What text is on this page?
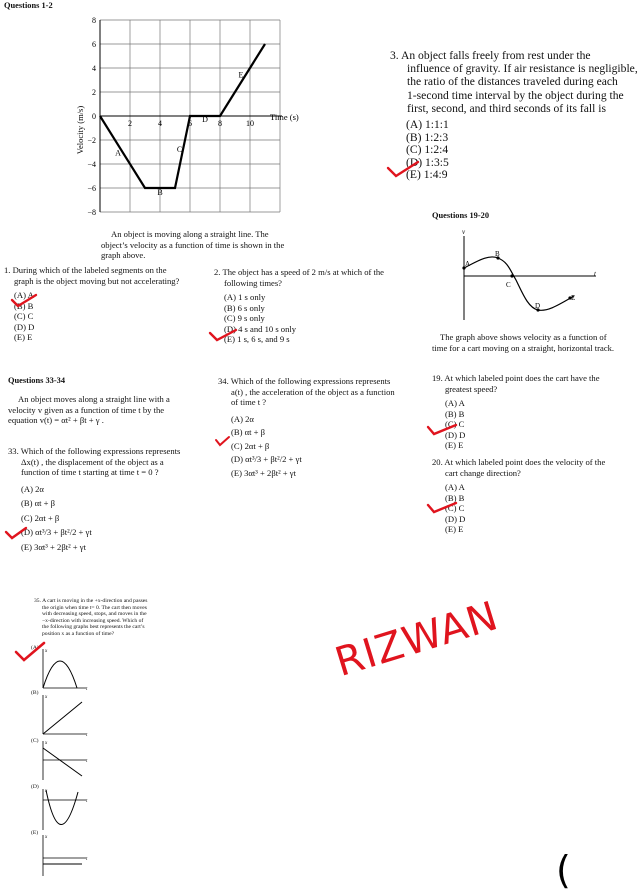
Questions 1-2
8
6
4
2
0
−2
−4
−6
−8
2	4	6	8	10
A
B
C
D
E
Velocity (m/s)	Time (s)
An object is moving along a straight line. The
object’s velocity as a function of time is shown in the
graph above.
3. An object falls freely from rest under the
influence of gravity. If air resistance is negligible,
the ratio of the distances traveled during each
1-second time interval by the object during the
first, second, and third seconds of its fall is
(A) 1:1:1
(B) 1:2:3
(C) 1:2:4
(D) 1:3:5
(E) 1:4:9
Questions 19-20
v
t
A
B
C
D
E
The graph above shows velocity as a function of
time for a cart moving on a straight, horizontal track.
1. During which of the labeled segments on the
graph is the object moving but not accelerating?
(A) A
(B) B
(C) C
(D) D
(E) E
2. The object has a speed of 2 m/s at which of the
following times?
(A) 1 s only
(B) 6 s only
(C) 9 s only
(D) 4 s and 10 s only
(E) 1 s, 6 s, and 9 s
Questions 33-34
An object moves along a straight line with a
velocity v given as a function of time t by the
equation v(t) = αt² + βt + γ .
33. Which of the following expressions represents
Δx(t) , the displacement of the object as a
function of time t starting at time t = 0 ?
(A) 2α
(B) αt + β
(C) 2αt + β
(D) αt³/3 + βt²/2 + γt
(E) 3αt³ + 2βt² + γt
34. Which of the following expressions represents
a(t) , the acceleration of the object as a function
of time t ?
(A) 2α
(B) αt + β
(C) 2αt + β
(D) αt³/3 + βt²/2 + γt
(E) 3αt³ + 2βt² + γt
19. At which labeled point does the cart have the
greatest speed?
(A) A
(B) B
(C) C
(D) D
(E) E
20. At which labeled point does the velocity of the
cart change direction?
(A) A
(B) B
(C) C
(D) D
(E) E
35. A cart is moving in the +x-direction and passes
the origin when time t= 0. The cart then moves
with decreasing speed, stops, and moves in the
−x-direction with increasing speed. Which of
the following graphs best represents the cart’s
position x as a function of time?
(A)
x
t
(B)
x
t
(C) x
t
(D)
x
t
(E)
x
t
RIZWAN
(
